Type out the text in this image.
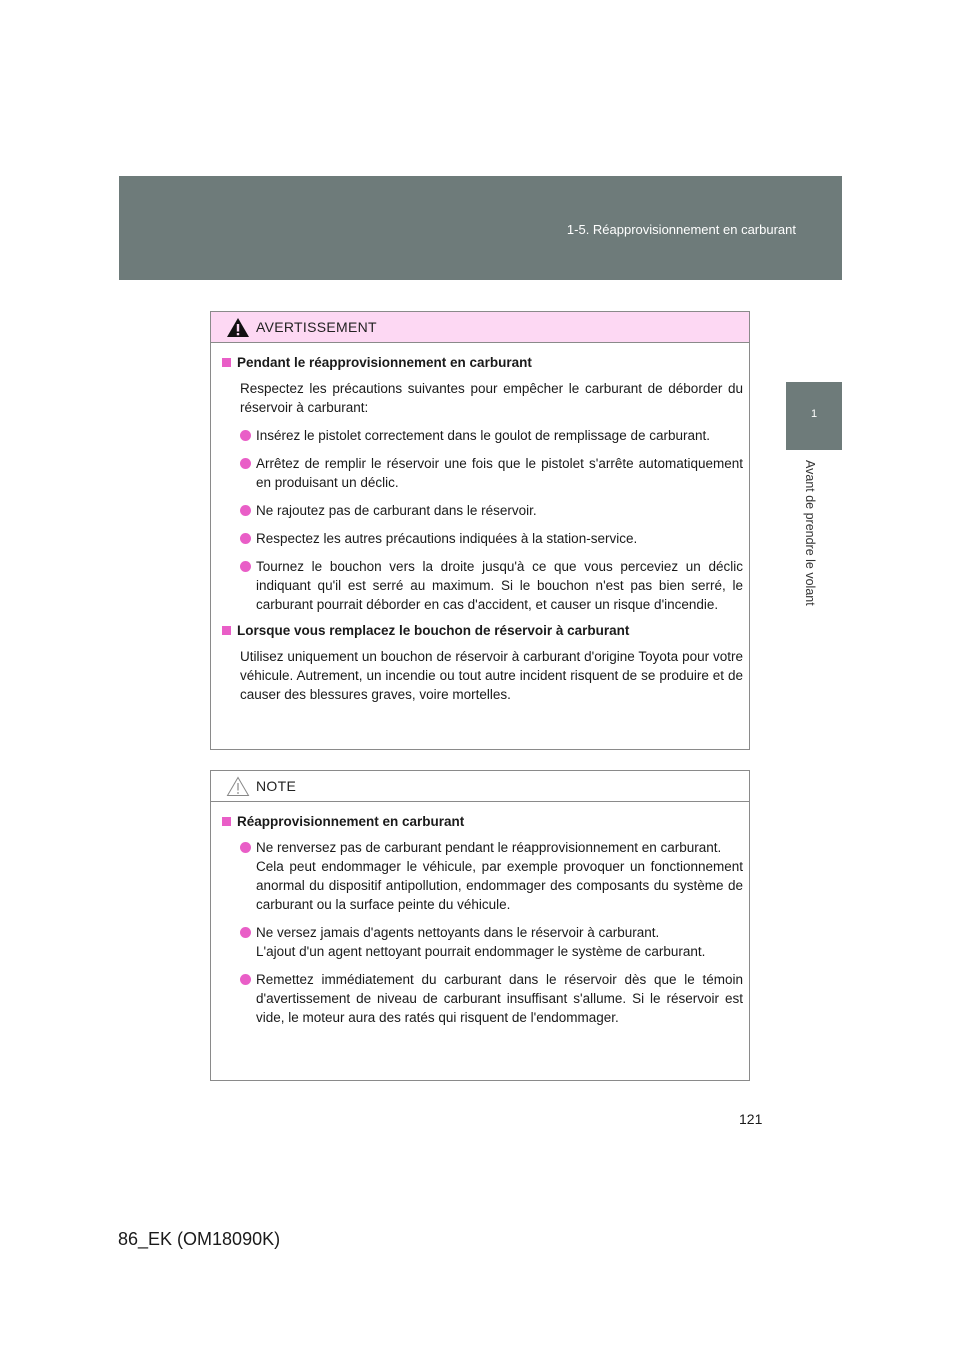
1-5. Réapprovisionnement en carburant
1
Avant de prendre le volant
AVERTISSEMENT
Pendant le réapprovisionnement en carburant
Respectez les précautions suivantes pour empêcher le carburant de déborder du réservoir à carburant:
Insérez le pistolet correctement dans le goulot de remplissage de carburant.
Arrêtez de remplir le réservoir une fois que le pistolet s'arrête automatiquement en produisant un déclic.
Ne rajoutez pas de carburant dans le réservoir.
Respectez les autres précautions indiquées à la station-service.
Tournez le bouchon vers la droite jusqu'à ce que vous perceviez un déclic indiquant qu'il est serré au maximum. Si le bouchon n'est pas bien serré, le carburant pourrait déborder en cas d'accident, et causer un risque d'incendie.
Lorsque vous remplacez le bouchon de réservoir à carburant
Utilisez uniquement un bouchon de réservoir à carburant d'origine Toyota pour votre véhicule. Autrement, un incendie ou tout autre incident risquent de se produire et de causer des blessures graves, voire mortelles.
NOTE
Réapprovisionnement en carburant
Ne renversez pas de carburant pendant le réapprovisionnement en carburant.
Cela peut endommager le véhicule, par exemple provoquer un fonctionnement anormal du dispositif antipollution, endommager des composants du système de carburant ou la surface peinte du véhicule.
Ne versez jamais d'agents nettoyants dans le réservoir à carburant.
L'ajout d'un agent nettoyant pourrait endommager le système de carburant.
Remettez immédiatement du carburant dans le réservoir dès que le témoin d'avertissement de niveau de carburant insuffisant s'allume. Si le réservoir est vide, le moteur aura des ratés qui risquent de l'endommager.
121
86_EK (OM18090K)
